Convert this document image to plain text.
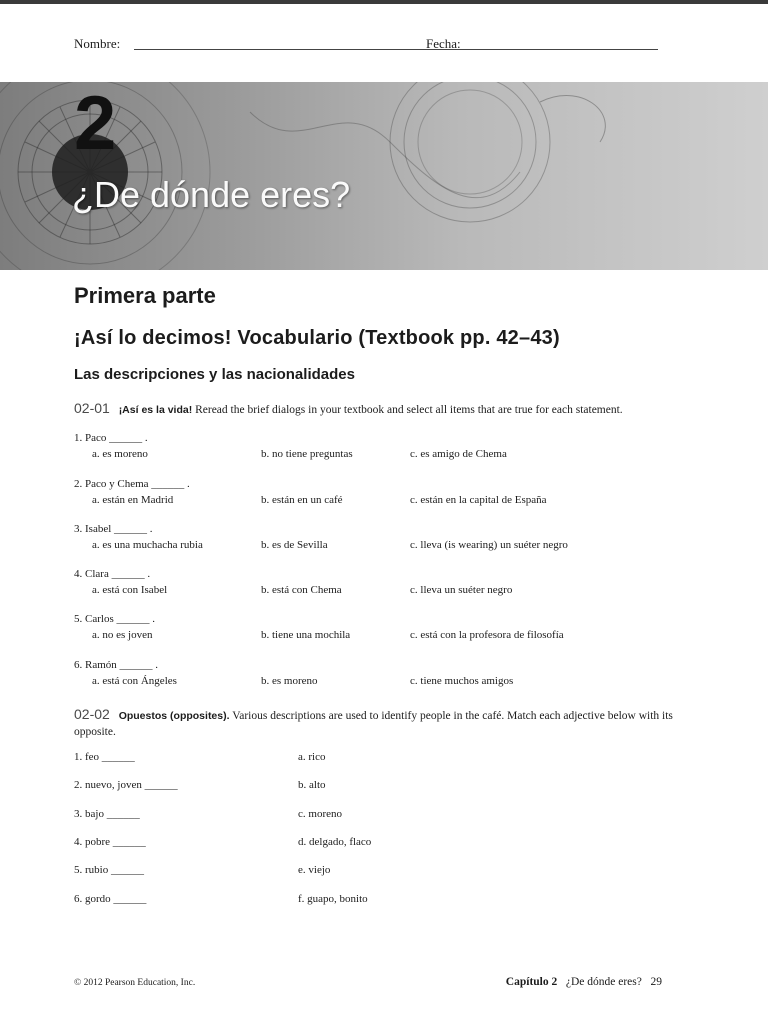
Nombre:	Fecha:
2
¿De dónde eres?
Primera parte
¡Así lo decimos! Vocabulario (Textbook pp. 42–43)
Las descripciones y las nacionalidades
02-01 ¡Así es la vida! Reread the brief dialogs in your textbook and select all items that are true for each statement.
1. Paco ______ .
a. es moreno	b. no tiene preguntas	c. es amigo de Chema
2. Paco y Chema ______ .
a. están en Madrid	b. están en un café	c. están en la capital de España
3. Isabel ______ .
a. es una muchacha rubia	b. es de Sevilla	c. lleva (is wearing) un suéter negro
4. Clara ______ .
a. está con Isabel	b. está con Chema	c. lleva un suéter negro
5. Carlos ______ .
a. no es joven	b. tiene una mochila	c. está con la profesora de filosofía
6. Ramón ______ .
a. está con Ángeles	b. es moreno	c. tiene muchos amigos
02-02 Opuestos (opposites). Various descriptions are used to identify people in the café. Match each adjective below with its opposite.
1. feo ______	a. rico
2. nuevo, joven ______	b. alto
3. bajo ______	c. moreno
4. pobre ______	d. delgado, flaco
5. rubio ______	e. viejo
6. gordo ______	f. guapo, bonito
© 2012 Pearson Education, Inc.	Capítulo 2 ¿De dónde eres? 29
